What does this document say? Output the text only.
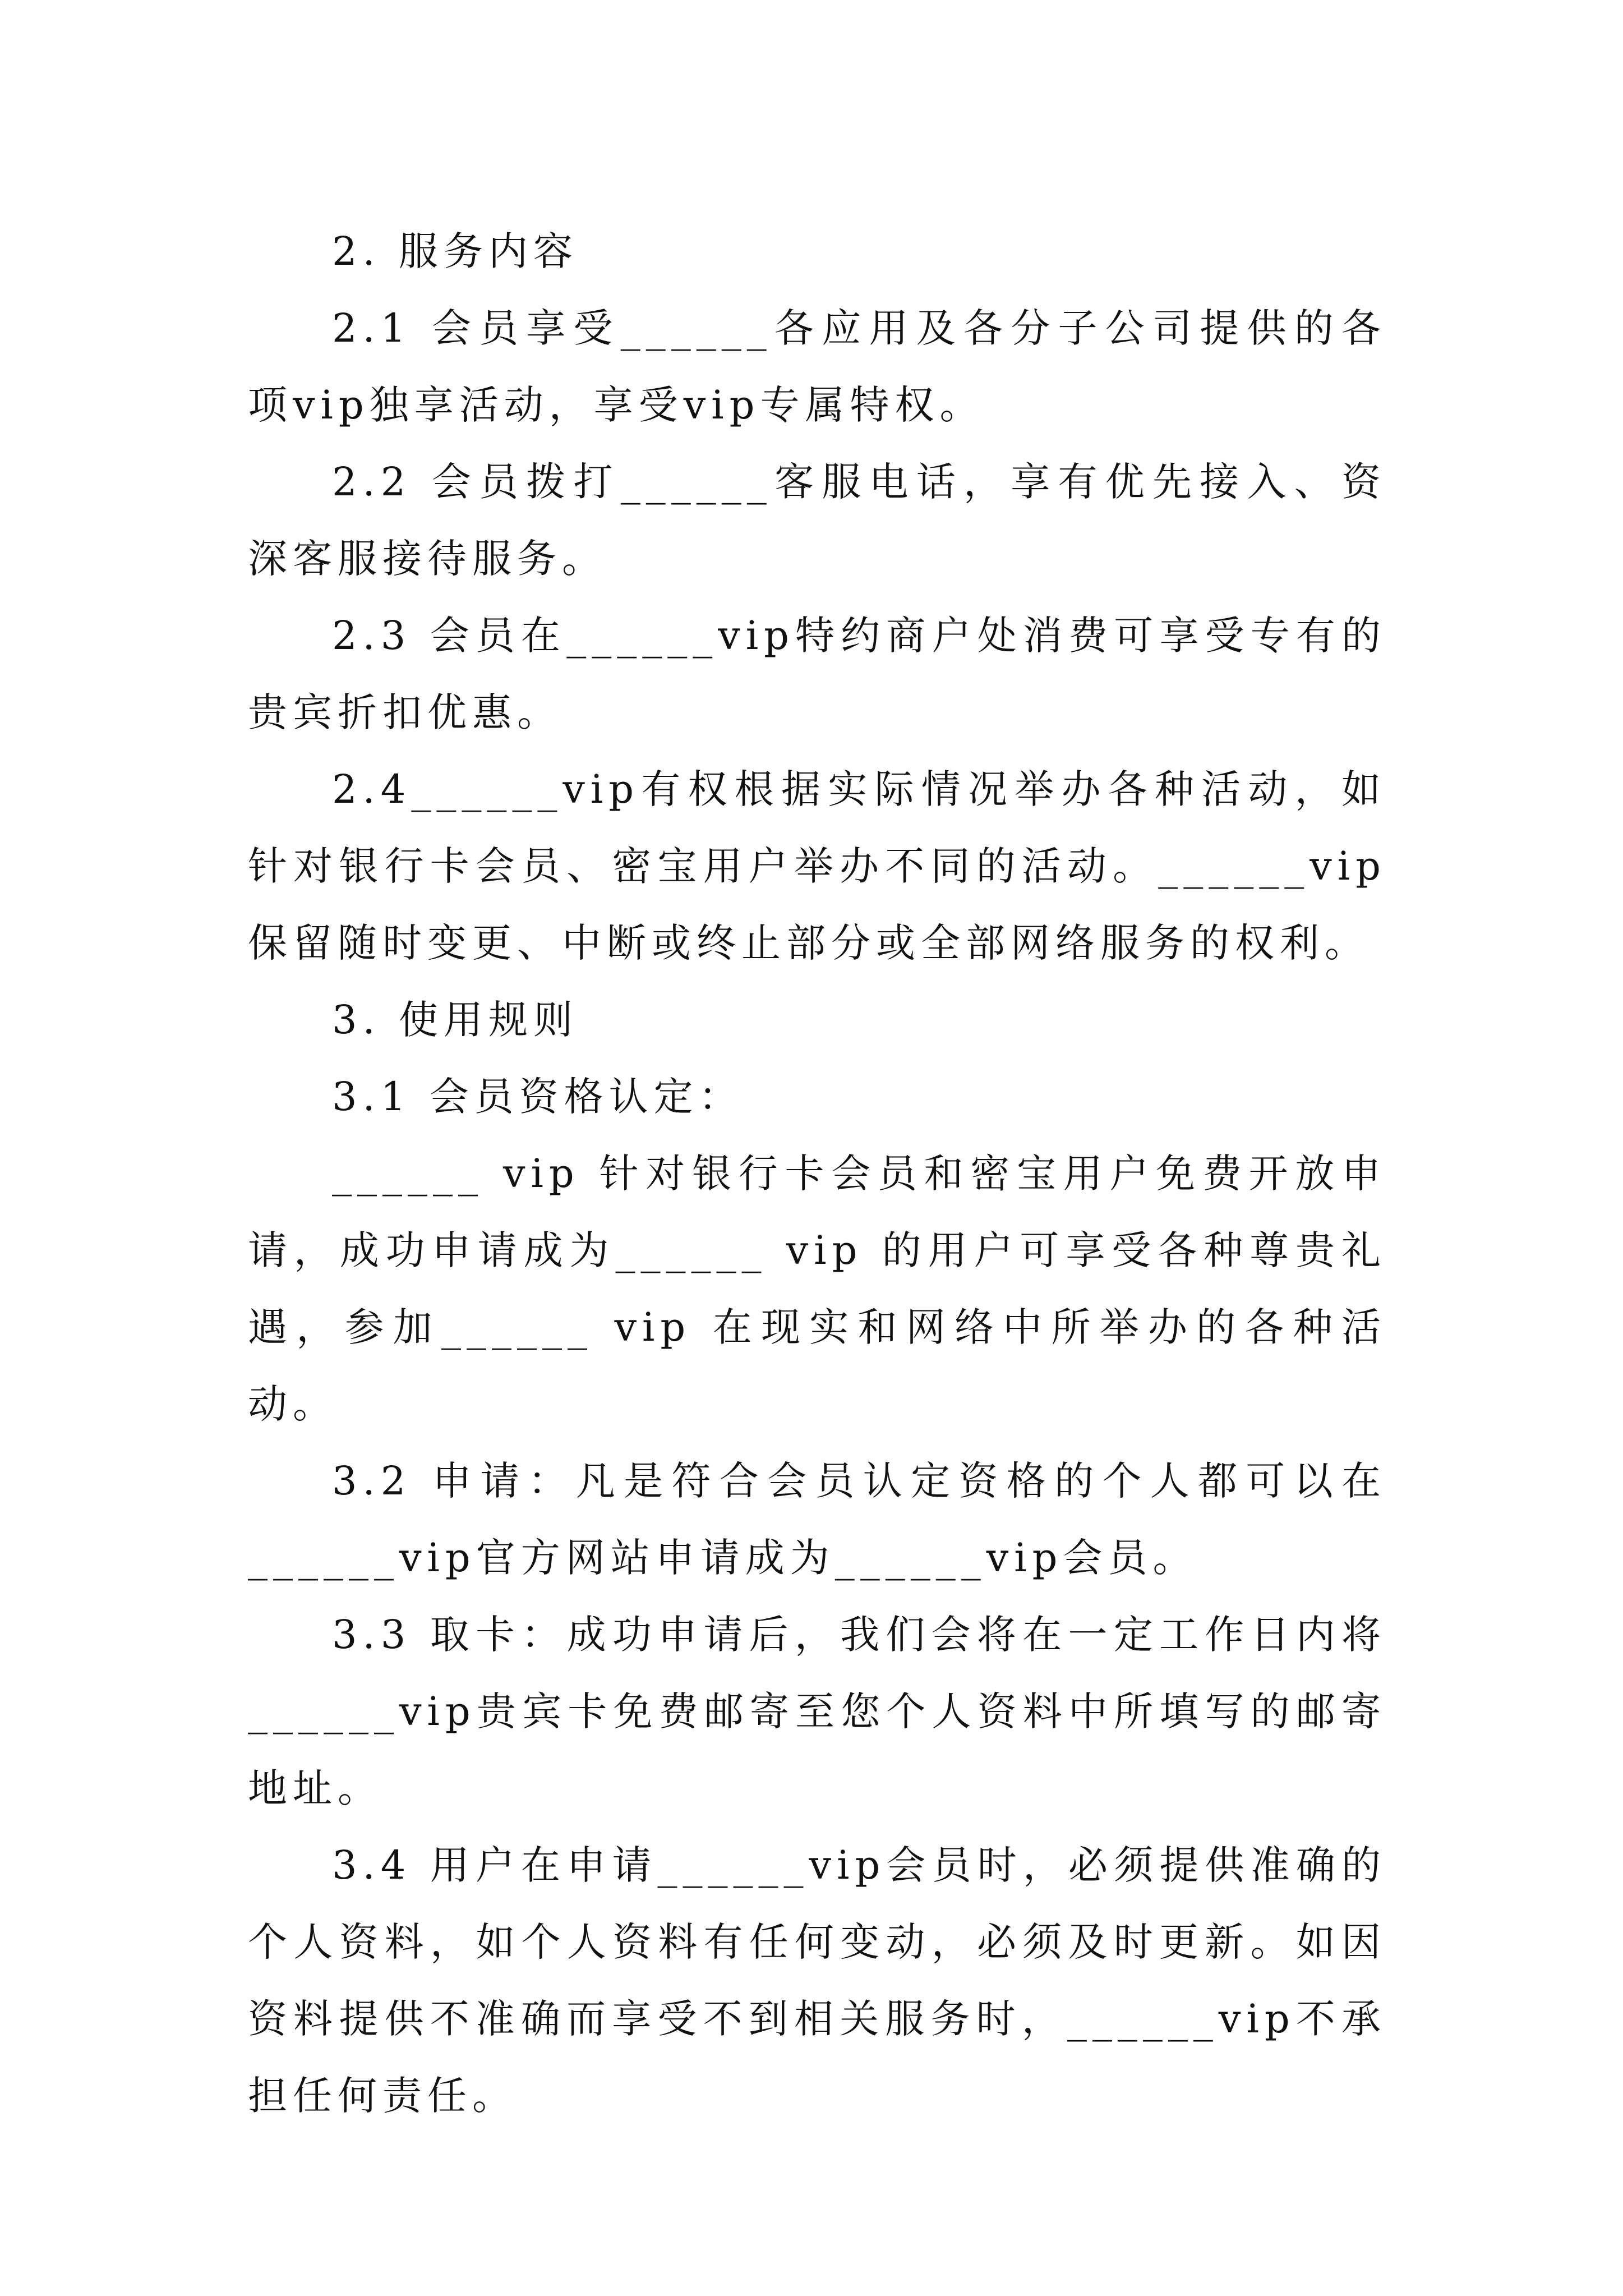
2. 服务内容

2.1 会员享受______各应用及各分子公司提供的各项vip独享活动，享受vip专属特权。

2.2 会员拨打______客服电话，享有优先接入、资深客服接待服务。

2.3 会员在______vip特约商户处消费可享受专有的贵宾折扣优惠。

2.4______vip有权根据实际情况举办各种活动，如针对银行卡会员、密宝用户举办不同的活动。______vip保留随时变更、中断或终止部分或全部网络服务的权利。

3. 使用规则

3.1 会员资格认定：

______ vip 针对银行卡会员和密宝用户免费开放申请，成功申请成为______ vip 的用户可享受各种尊贵礼遇，参加______ vip 在现实和网络中所举办的各种活动。

3.2 申请：凡是符合会员认定资格的个人都可以在______vip官方网站申请成为______vip会员。

3.3 取卡：成功申请后，我们会将在一定工作日内将______vip贵宾卡免费邮寄至您个人资料中所填写的邮寄地址。

3.4 用户在申请______vip会员时，必须提供准确的个人资料，如个人资料有任何变动，必须及时更新。如因资料提供不准确而享受不到相关服务时，______vip不承担任何责任。
